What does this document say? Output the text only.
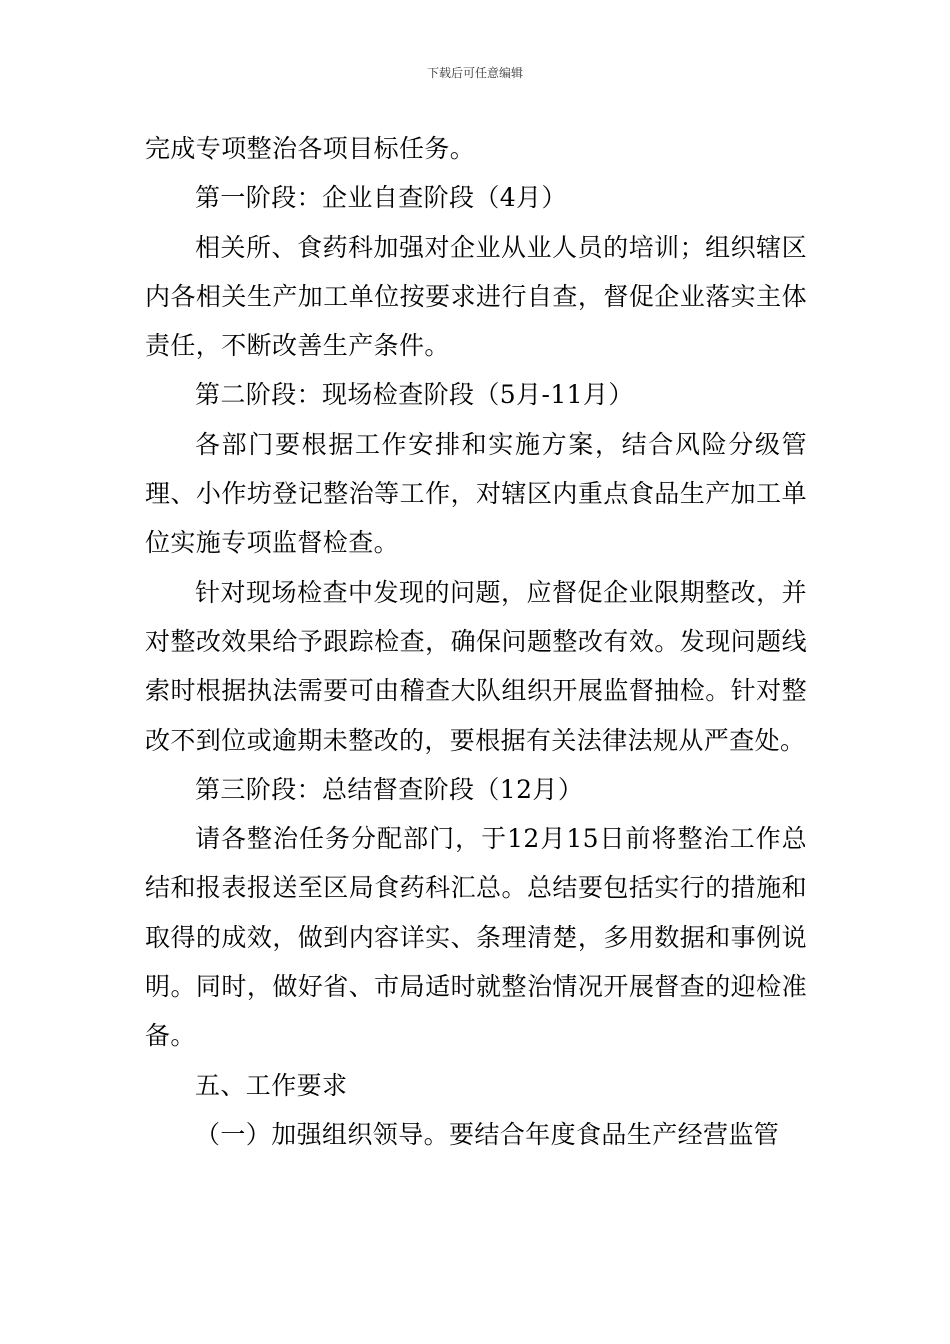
下载后可任意编辑

完成专项整治各项目标任务。

第一阶段：企业自查阶段（4月）

相关所、食药科加强对企业从业人员的培训；组织辖区内各相关生产加工单位按要求进行自查，督促企业落实主体责任，不断改善生产条件。

第二阶段：现场检查阶段（5月-11月）

各部门要根据工作安排和实施方案，结合风险分级管理、小作坊登记整治等工作，对辖区内重点食品生产加工单位实施专项监督检查。

针对现场检查中发现的问题，应督促企业限期整改，并对整改效果给予跟踪检查，确保问题整改有效。发现问题线索时根据执法需要可由稽查大队组织开展监督抽检。针对整改不到位或逾期未整改的，要根据有关法律法规从严查处。

第三阶段：总结督查阶段（12月）

请各整治任务分配部门，于12月15日前将整治工作总结和报表报送至区局食药科汇总。总结要包括实行的措施和取得的成效，做到内容详实、条理清楚，多用数据和事例说明。同时，做好省、市局适时就整治情况开展督查的迎检准备。

五、工作要求

（一）加强组织领导。要结合年度食品生产经营监管
